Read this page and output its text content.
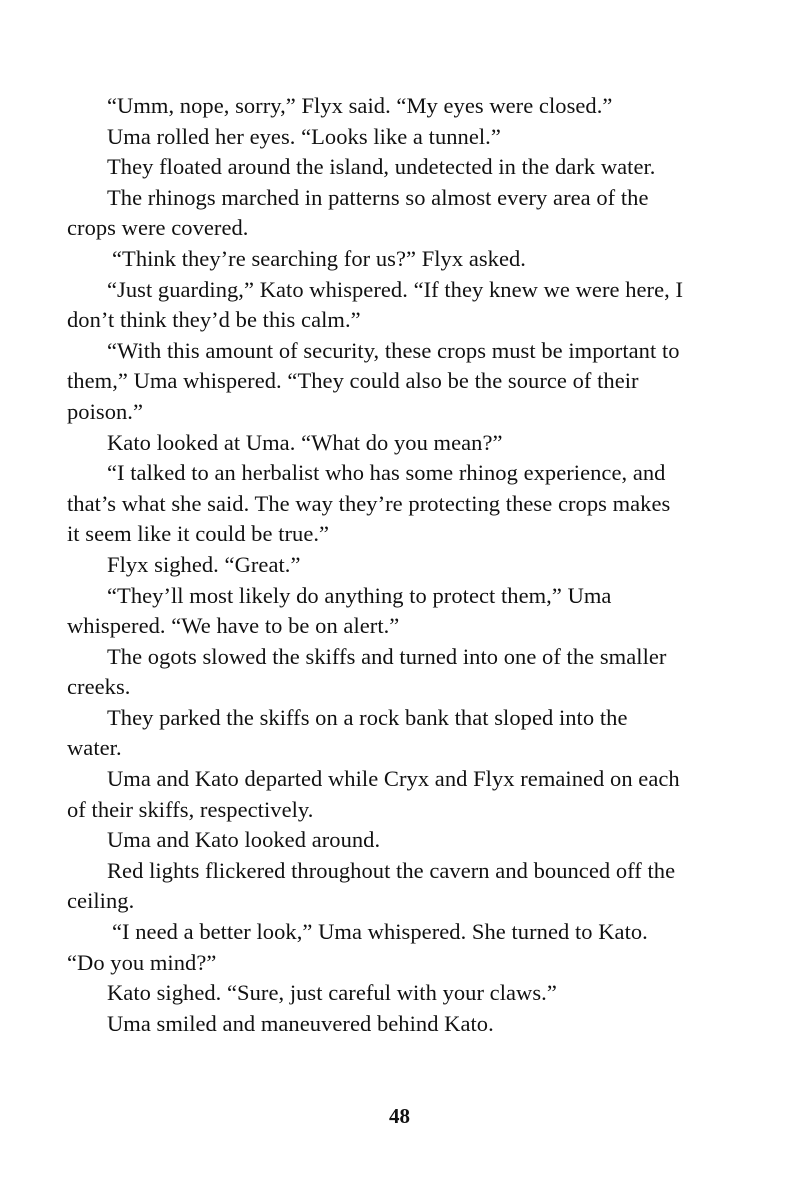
“Umm, nope, sorry,” Flyx said. “My eyes were closed.”

Uma rolled her eyes. “Looks like a tunnel.”

They floated around the island, undetected in the dark water.

The rhinogs marched in patterns so almost every area of the crops were covered.

“Think they’re searching for us?” Flyx asked.

“Just guarding,” Kato whispered. “If they knew we were here, I don’t think they’d be this calm.”

“With this amount of security, these crops must be important to them,” Uma whispered. “They could also be the source of their poison.”

Kato looked at Uma. “What do you mean?”

“I talked to an herbalist who has some rhinog experience, and that’s what she said. The way they’re protecting these crops makes it seem like it could be true.”

Flyx sighed. “Great.”

“They’ll most likely do anything to protect them,” Uma whispered. “We have to be on alert.”

The ogots slowed the skiffs and turned into one of the smaller creeks.

They parked the skiffs on a rock bank that sloped into the water.

Uma and Kato departed while Cryx and Flyx remained on each of their skiffs, respectively.

Uma and Kato looked around.

Red lights flickered throughout the cavern and bounced off the ceiling.

“I need a better look,” Uma whispered. She turned to Kato. “Do you mind?”

Kato sighed. “Sure, just careful with your claws.”

Uma smiled and maneuvered behind Kato.

48
